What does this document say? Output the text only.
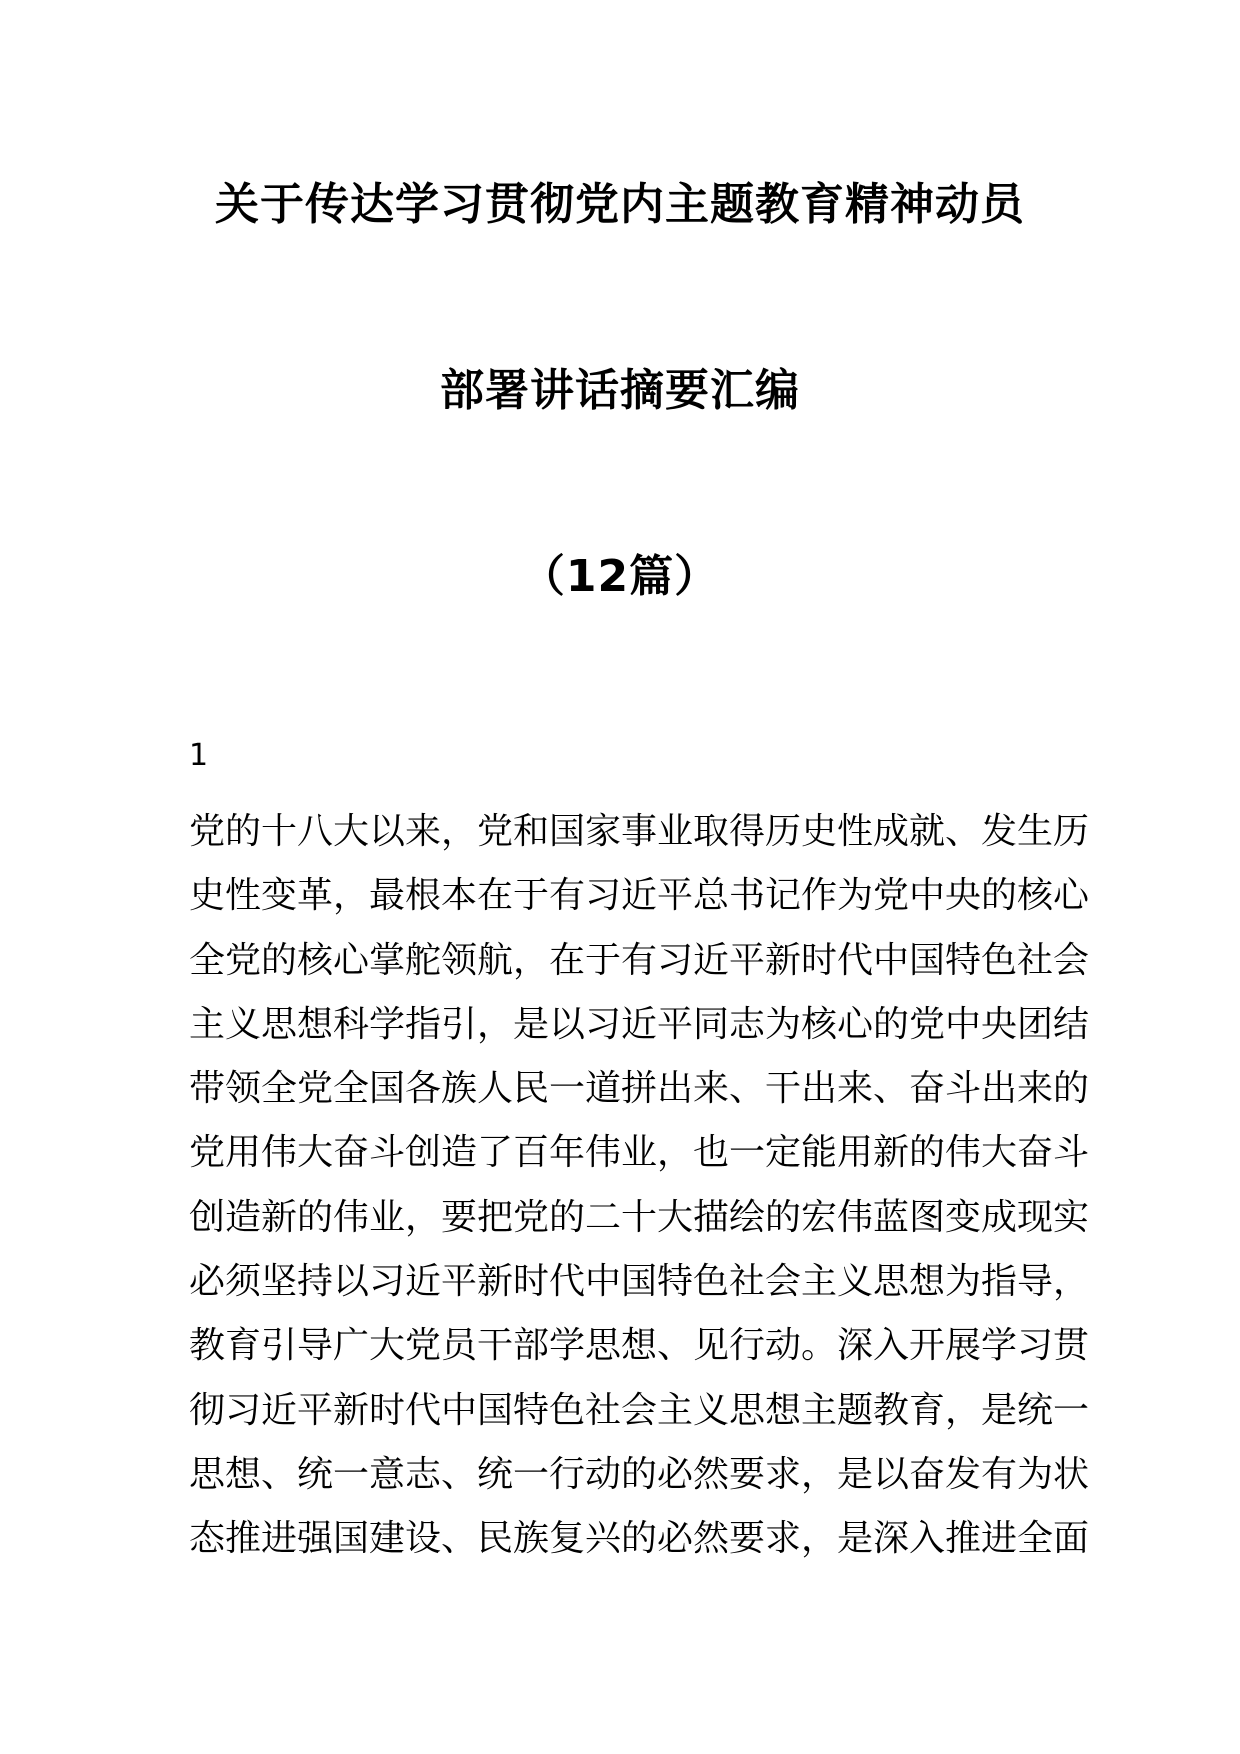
关于传达学习贯彻党内主题教育精神动员
部署讲话摘要汇编
（12篇）
1
党的十八大以来，党和国家事业取得历史性成就、发生历
史性变革，最根本在于有习近平总书记作为党中央的核心
全党的核心掌舵领航，在于有习近平新时代中国特色社会
主义思想科学指引，是以习近平同志为核心的党中央团结
带领全党全国各族人民一道拼出来、干出来、奋斗出来的
党用伟大奋斗创造了百年伟业，也一定能用新的伟大奋斗
创造新的伟业，要把党的二十大描绘的宏伟蓝图变成现实
必须坚持以习近平新时代中国特色社会主义思想为指导，
教育引导广大党员干部学思想、见行动。深入开展学习贯
彻习近平新时代中国特色社会主义思想主题教育，是统一
思想、统一意志、统一行动的必然要求，是以奋发有为状
态推进强国建设、民族复兴的必然要求，是深入推进全面
